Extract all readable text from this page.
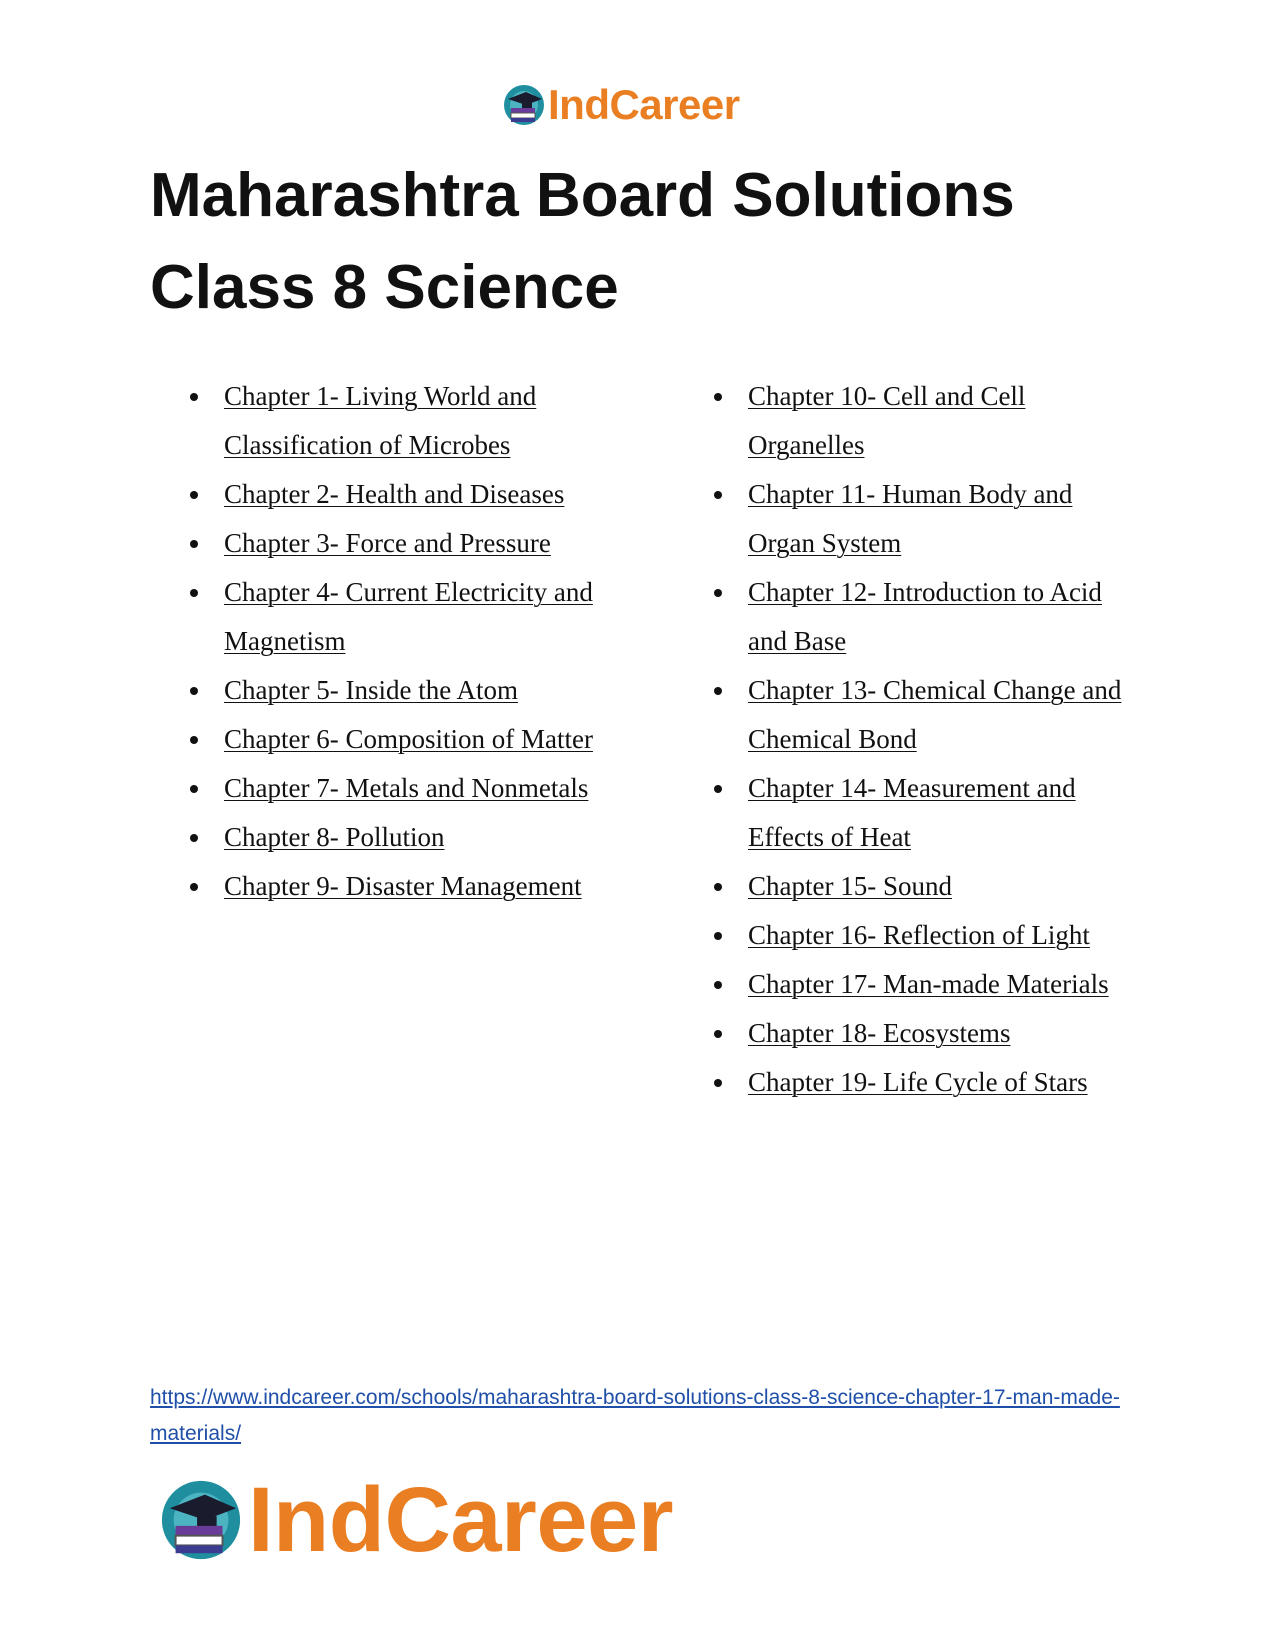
IndCareer
Maharashtra Board Solutions
Class 8 Science
Chapter 1- Living World and Classification of Microbes
Chapter 2- Health and Diseases
Chapter 3- Force and Pressure
Chapter 4- Current Electricity and Magnetism
Chapter 5- Inside the Atom
Chapter 6- Composition of Matter
Chapter 7- Metals and Nonmetals
Chapter 8- Pollution
Chapter 9- Disaster Management
Chapter 10- Cell and Cell Organelles
Chapter 11- Human Body and Organ System
Chapter 12- Introduction to Acid and Base
Chapter 13- Chemical Change and Chemical Bond
Chapter 14- Measurement and Effects of Heat
Chapter 15- Sound
Chapter 16- Reflection of Light
Chapter 17- Man-made Materials
Chapter 18- Ecosystems
Chapter 19- Life Cycle of Stars
https://www.indcareer.com/schools/maharashtra-board-solutions-class-8-science-chapter-17-man-made-materials/
IndCareer
